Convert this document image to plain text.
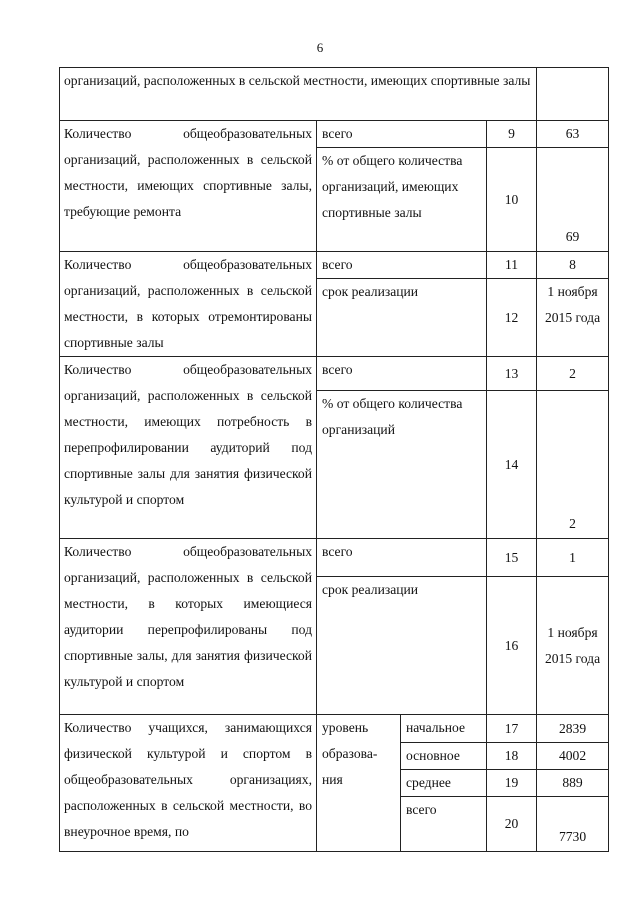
6
организаций, расположенных в сельской местности, имеющих спортивные залы				
Количество общеобразовательных организаций, расположенных в сельской местности, имеющих спортивные залы, требующие ремонта	всего		9	63
	% от общего количества организаций, имеющих спортивные залы		10	69
Количество общеобразовательных организаций, расположенных в сельской местности, в которых отремонтированы спортивные залы	всего		11	8
	срок реализации		12	1 ноября 2015 года
Количество общеобразовательных организаций, расположенных в сельской местности, имеющих потребность в перепрофилировании аудиторий под спортивные залы для занятия физической культурой и спортом	всего		13	2
	% от общего количества организаций		14	2
Количество общеобразовательных организаций, расположенных в сельской местности, в которых имеющиеся аудитории перепрофилированы под спортивные залы, для занятия физической культурой и спортом	всего		15	1
	срок реализации		16	1 ноября 2015 года
Количество учащихся, занимающихся физической культурой и спортом в общеобразовательных организациях, расположенных в сельской местности, во внеурочное время, по	уровень образова-ния	начальное	17	2839
		основное	18	4002
		среднее	19	889
		всего	20	7730
